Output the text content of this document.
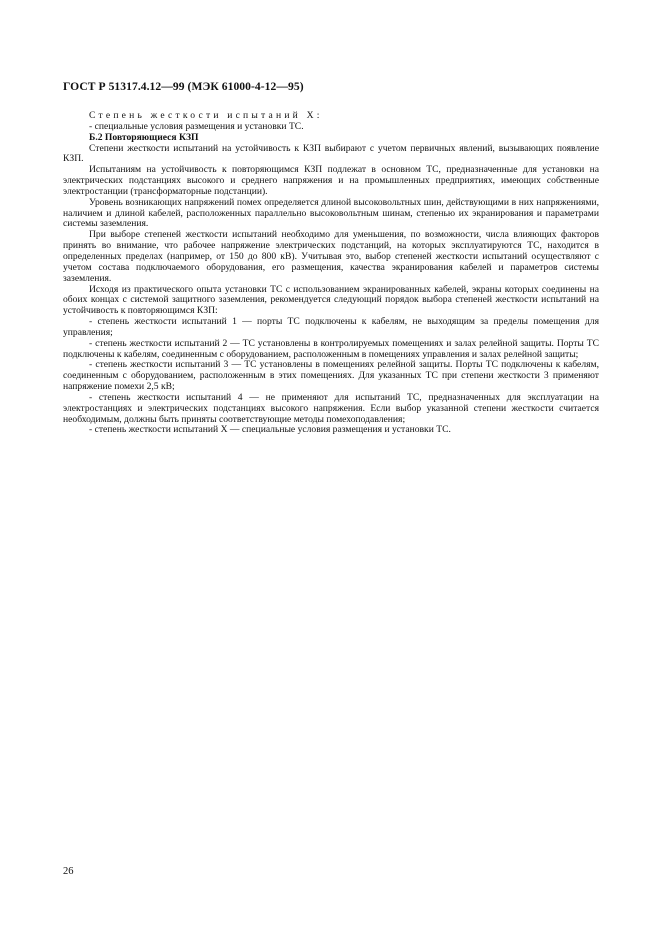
ГОСТ Р 51317.4.12—99 (МЭК 61000-4-12—95)

Степень жесткости испытаний Х:

- специальные условия размещения и установки ТС.

Б.2 Повторяющиеся КЗП

Степени жесткости испытаний на устойчивость к КЗП выбирают с учетом первичных явлений, вызывающих появление КЗП.

Испытаниям на устойчивость к повторяющимся КЗП подлежат в основном ТС, предназначенные для установки на электрических подстанциях высокого и среднего напряжения и на промышленных предприятиях, имеющих собственные электростанции (трансформаторные подстанции).

Уровень возникающих напряжений помех определяется длиной высоковольтных шин, действующими в них напряжениями, наличием и длиной кабелей, расположенных параллельно высоковольтным шинам, степенью их экранирования и параметрами системы заземления.

При выборе степеней жесткости испытаний необходимо для уменьшения, по возможности, числа влияющих факторов принять во внимание, что рабочее напряжение электрических подстанций, на которых эксплуатируются ТС, находится в определенных пределах (например, от 150 до 800 кВ). Учитывая это, выбор степеней жесткости испытаний осуществляют с учетом состава подключаемого оборудования, его размещения, качества экранирования кабелей и параметров системы заземления.

Исходя из практического опыта установки ТС с использованием экранированных кабелей, экраны которых соединены на обоих концах с системой защитного заземления, рекомендуется следующий порядок выбора степеней жесткости испытаний на устойчивость к повторяющимся КЗП:

- степень жесткости испытаний 1 — порты ТС подключены к кабелям, не выходящим за пределы помещения для управления;

- степень жесткости испытаний 2 — ТС установлены в контролируемых помещениях и залах релейной защиты. Порты ТС подключены к кабелям, соединенным с оборудованием, расположенным в помещениях управления и залах релейной защиты;

- степень жесткости испытаний 3 — ТС установлены в помещениях релейной защиты. Порты ТС подключены к кабелям, соединенным с оборудованием, расположенным в этих помещениях. Для указанных ТС при степени жесткости 3 применяют напряжение помехи 2,5 кВ;

- степень жесткости испытаний 4 — не применяют для испытаний ТС, предназначенных для эксплуатации на электростанциях и электрических подстанциях высокого напряжения. Если выбор указанной степени жесткости считается необходимым, должны быть приняты соответствующие методы помехоподавления;

- степень жесткости испытаний Х — специальные условия размещения и установки ТС.

26
